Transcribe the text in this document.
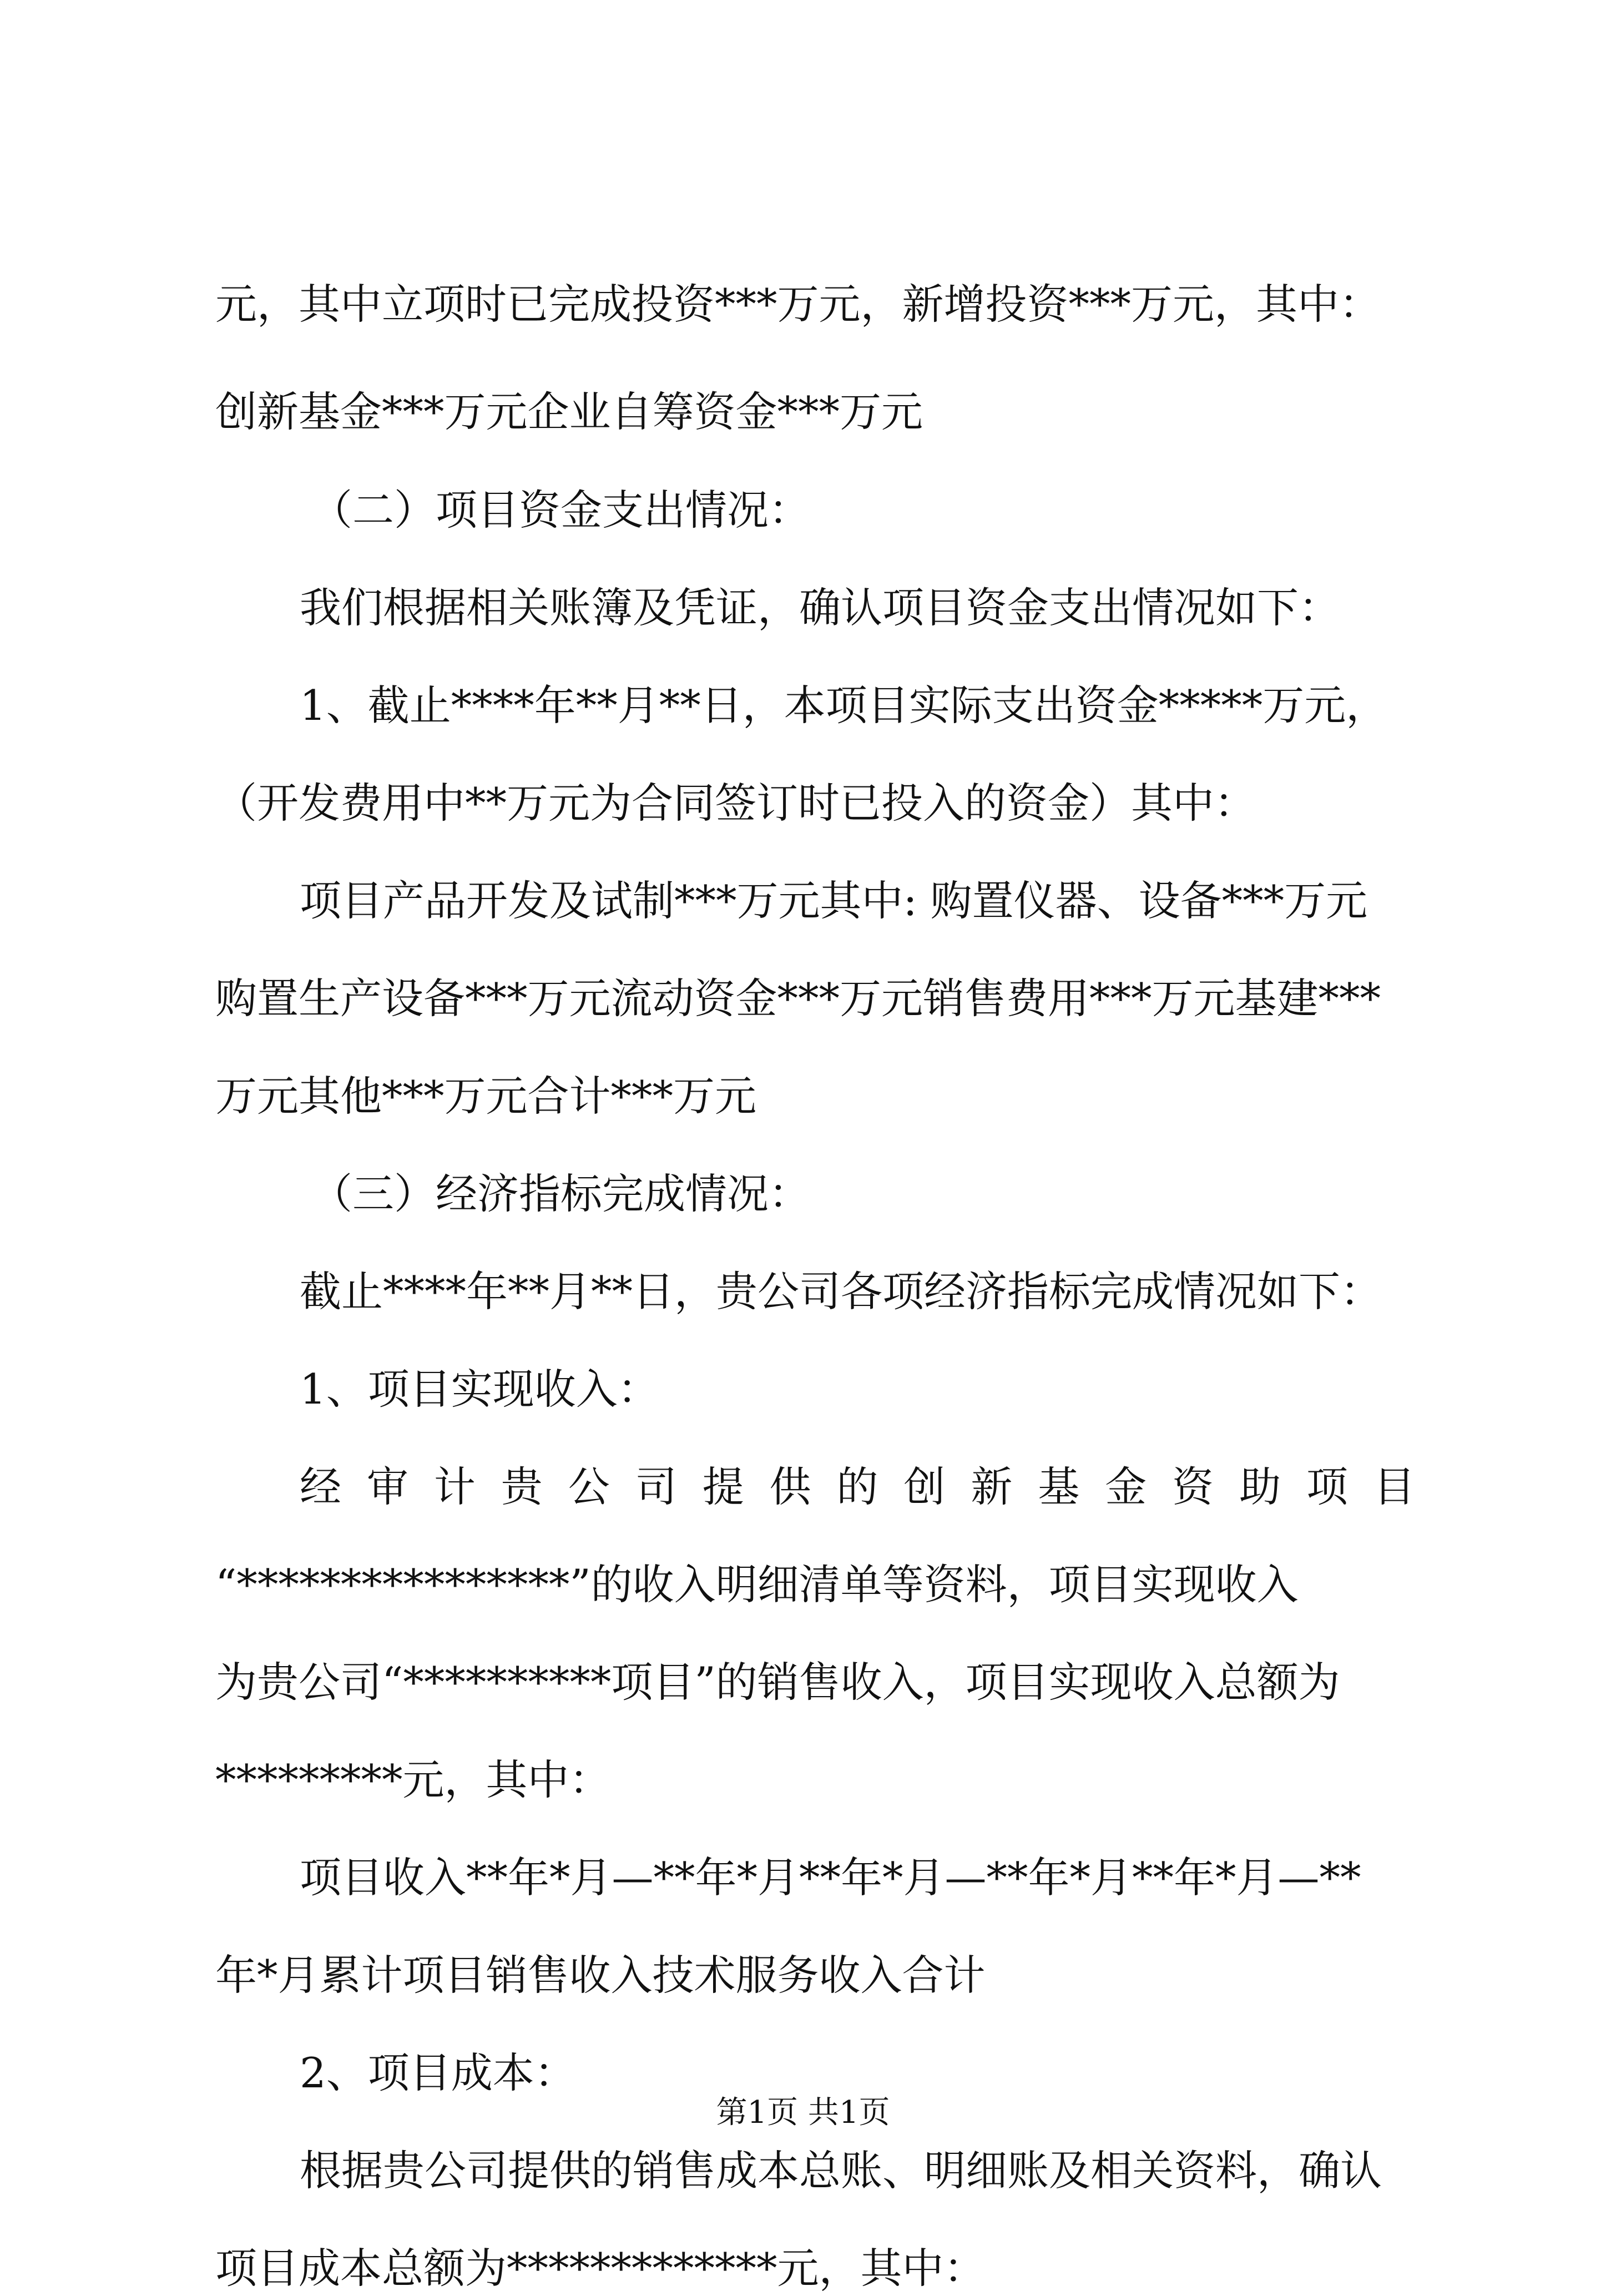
元，其中立项时已完成投资***万元，新增投资***万元，其中：
创新基金***万元企业自筹资金***万元
（二）项目资金支出情况：
我们根据相关账簿及凭证，确认项目资金支出情况如下：
1、截止****年**月**日，本项目实际支出资金*****万元，
（开发费用中**万元为合同签订时已投入的资金）其中：
项目产品开发及试制***万元其中: 购置仪器、设备***万元
购置生产设备***万元流动资金***万元销售费用***万元基建***
万元其他***万元合计***万元
（三）经济指标完成情况：
截止****年**月**日，贵公司各项经济指标完成情况如下：
1、项目实现收入：
经审计贵公司提供的创新基金资助项目
“****************”的收入明细清单等资料，项目实现收入
为贵公司“**********项目”的销售收入，项目实现收入总额为
*********元，其中：
项目收入**年*月—**年*月**年*月—**年*月**年*月—**
年*月累计项目销售收入技术服务收入合计
2、项目成本：
根据贵公司提供的销售成本总账、明细账及相关资料，确认
项目成本总额为*************元，其中：
第1页 共1页
